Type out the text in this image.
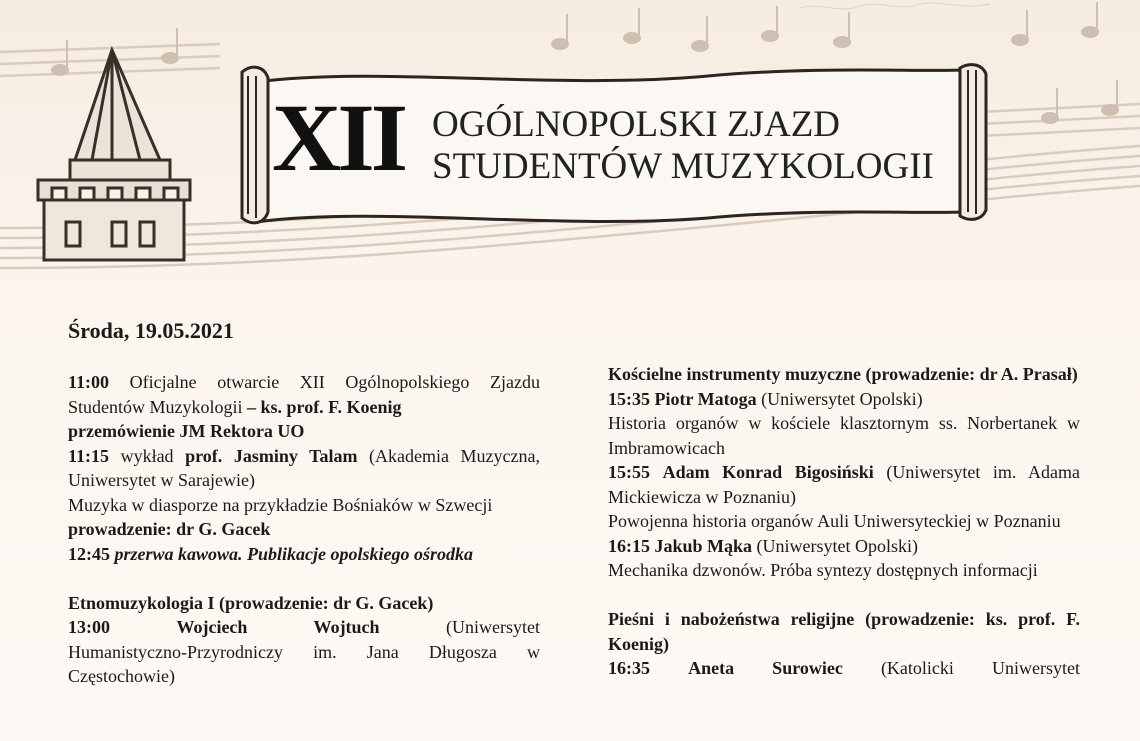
XII OGÓLNOPOLSKI ZJAZD
STUDENTÓW MUZYKOLOGII
Środa, 19.05.2021

11:00 Oficjalne otwarcie XII Ogólnopolskiego Zjazdu Studentów Muzykologii – ks. prof. F. Koenig

przemówienie JM Rektora UO

11:15 wykład prof. Jasminy Talam (Akademia Muzyczna, Uniwersytet w Sarajewie)

Muzyka w diasporze na przykładzie Bośniaków w Szwecji

prowadzenie: dr G. Gacek

12:45 przerwa kawowa. Publikacje opolskiego ośrodka

Etnomuzykologia I (prowadzenie: dr G. Gacek)

13:00	Wojciech Wojtuch	(Uniwersytet

Humanistyczno-Przyrodniczy im. Jana Długosza w Częstochowie)

Kościelne instrumenty muzyczne (prowadzenie: dr A. Prasał)

15:35 Piotr Matoga (Uniwersytet Opolski)

Historia organów w kościele klasztornym ss. Norbertanek w Imbramowicach

15:55 Adam Konrad Bigosiński (Uniwersytet im. Adama Mickiewicza w Poznaniu)

Powojenna historia organów Auli Uniwersyteckiej w Poznaniu

16:15 Jakub Mąka (Uniwersytet Opolski)

Mechanika dzwonów. Próba syntezy dostępnych informacji

Pieśni i nabożeństwa religijne (prowadzenie: ks. prof. F. Koenig)

16:35 Aneta Surowiec (Katolicki Uniwersytet
